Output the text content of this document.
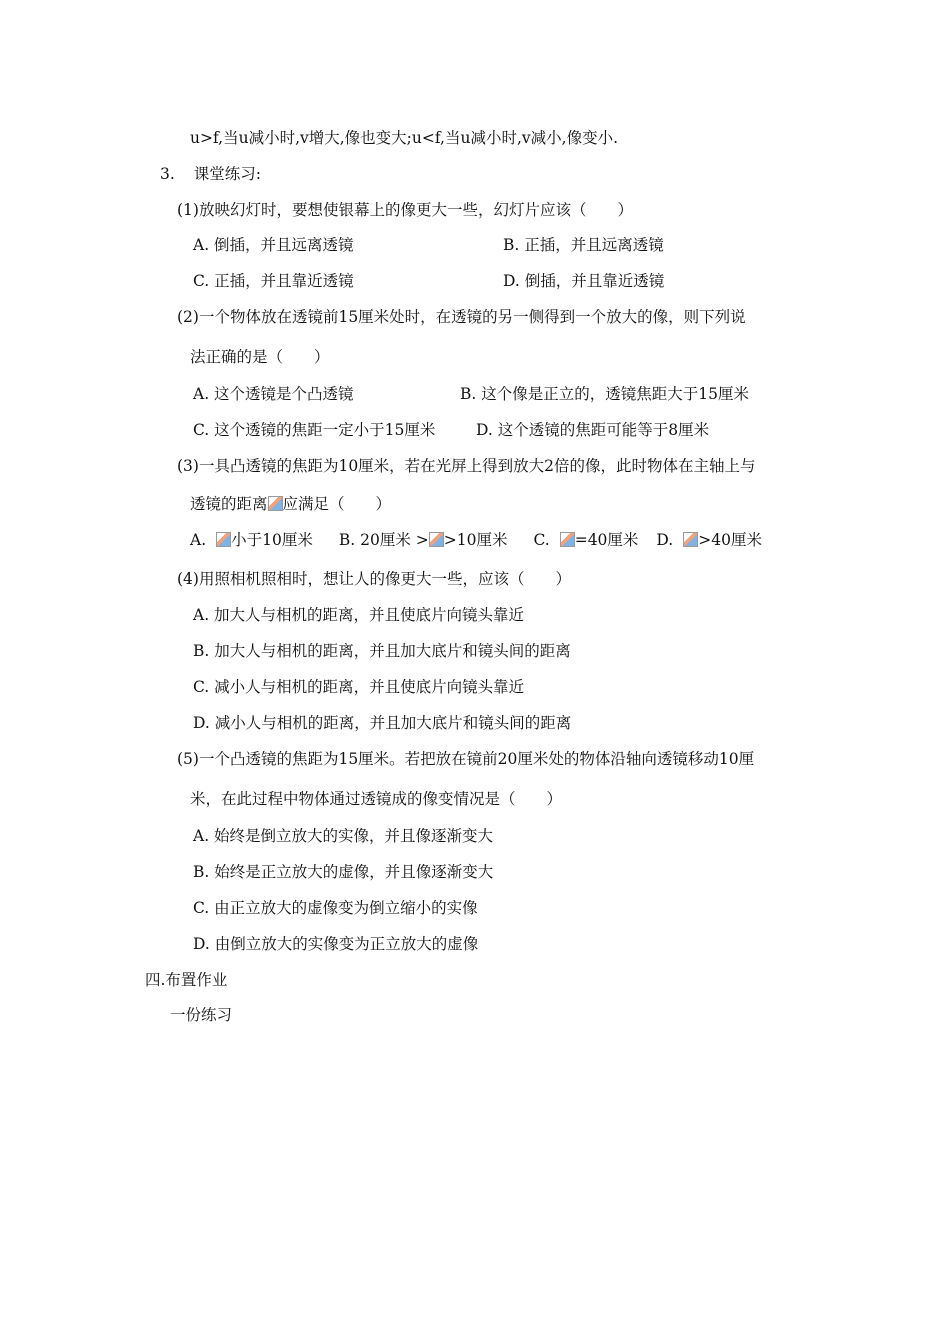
u>f,当u减小时,v增大,像也变大;u<f,当u减小时,v减小,像变小.
3. 课堂练习:
(1)放映幻灯时，要想使银幕上的像更大一些，幻灯片应该（　　）
A. 倒插，并且远离透镜	B. 正插，并且远离透镜
C. 正插，并且靠近透镜	D. 倒插，并且靠近透镜
(2)一个物体放在透镜前15厘米处时，在透镜的另一侧得到一个放大的像，则下列说
法正确的是（　　）
A. 这个透镜是个凸透镜	B. 这个像是正立的，透镜焦距大于15厘米
C. 这个透镜的焦距一定小于15厘米	D. 这个透镜的焦距可能等于8厘米
(3)一具凸透镜的焦距为10厘米，若在光屏上得到放大2倍的像，此时物体在主轴上与
透镜的距离 应满足（　　）
A. 小于10厘米 B. 20厘米 > >10厘米 C. =40厘米 D. >40厘米
(4)用照相机照相时，想让人的像更大一些，应该（　　）
A. 加大人与相机的距离，并且使底片向镜头靠近
B. 加大人与相机的距离，并且加大底片和镜头间的距离
C. 减小人与相机的距离，并且使底片向镜头靠近
D. 减小人与相机的距离，并且加大底片和镜头间的距离
(5)一个凸透镜的焦距为15厘米。若把放在镜前20厘米处的物体沿轴向透镜移动10厘
米，在此过程中物体通过透镜成的像变情况是（　　）
A. 始终是倒立放大的实像，并且像逐渐变大
B. 始终是正立放大的虚像，并且像逐渐变大
C. 由正立放大的虚像变为倒立缩小的实像
D. 由倒立放大的实像变为正立放大的虚像
四.布置作业
一份练习
